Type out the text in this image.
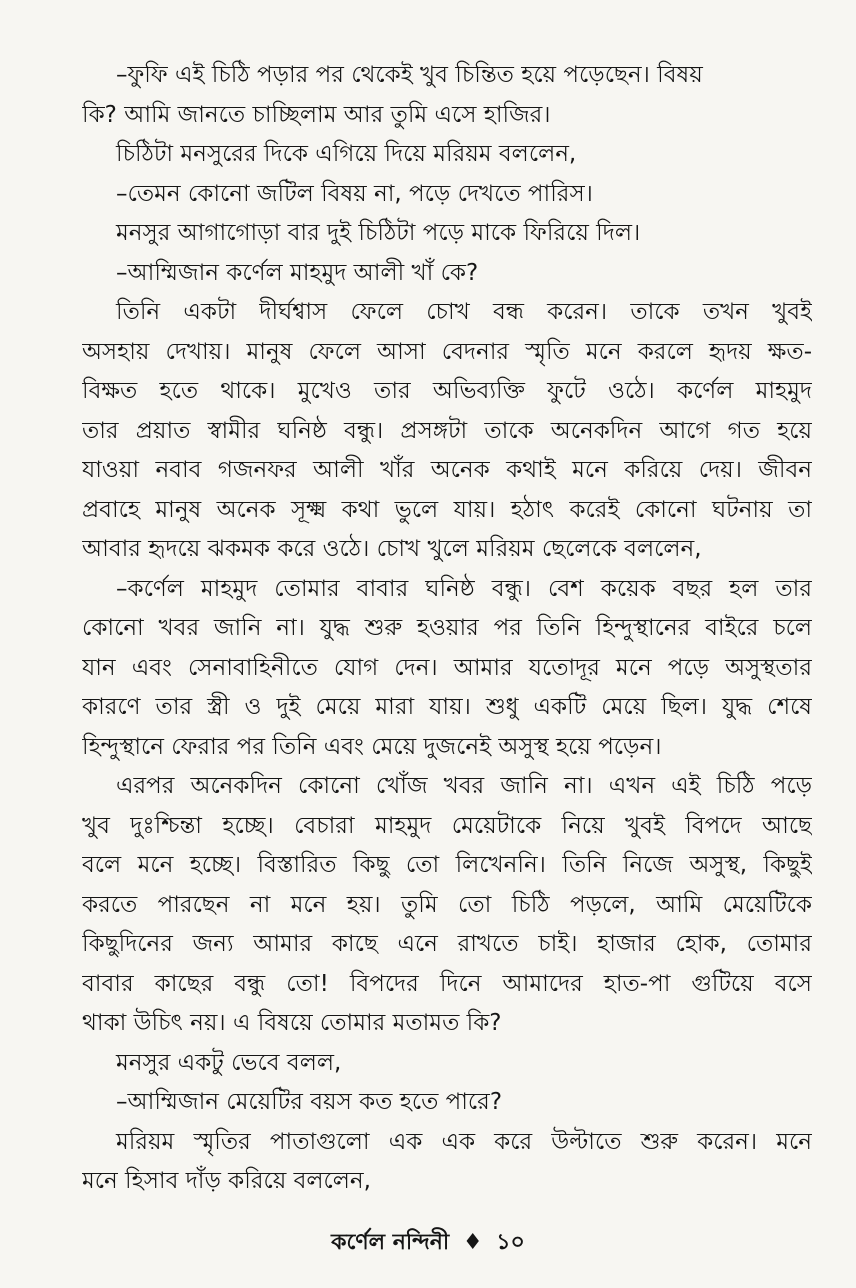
–ফুফি এই চিঠি পড়ার পর থেকেই খুব চিন্তিত হয়ে পড়েছেন। বিষয়
কি? আমি জানতে চাচ্ছিলাম আর তুমি এসে হাজির।
চিঠিটা মনসুরের দিকে এগিয়ে দিয়ে মরিয়ম বললেন,
–তেমন কোনো জটিল বিষয় না, পড়ে দেখতে পারিস।
মনসুর আগাগোড়া বার দুই চিঠিটা পড়ে মাকে ফিরিয়ে দিল।
–আম্মিজান কর্ণেল মাহমুদ আলী খাঁ কে?
তিনি একটা দীর্ঘশ্বাস ফেলে চোখ বন্ধ করেন। তাকে তখন খুবই
অসহায় দেখায়। মানুষ ফেলে আসা বেদনার স্মৃতি মনে করলে হৃদয় ক্ষত-
বিক্ষত হতে থাকে। মুখেও তার অভিব্যক্তি ফুটে ওঠে। কর্ণেল মাহমুদ
তার প্রয়াত স্বামীর ঘনিষ্ঠ বন্ধু। প্রসঙ্গটা তাকে অনেকদিন আগে গত হয়ে
যাওয়া নবাব গজনফর আলী খাঁর অনেক কথাই মনে করিয়ে দেয়। জীবন
প্রবাহে মানুষ অনেক সূক্ষ্ম কথা ভুলে যায়। হঠাৎ করেই কোনো ঘটনায় তা
আবার হৃদয়ে ঝকমক করে ওঠে। চোখ খুলে মরিয়ম ছেলেকে বললেন,
–কর্ণেল মাহমুদ তোমার বাবার ঘনিষ্ঠ বন্ধু। বেশ কয়েক বছর হল তার
কোনো খবর জানি না। যুদ্ধ শুরু হওয়ার পর তিনি হিন্দুস্থানের বাইরে চলে
যান এবং সেনাবাহিনীতে যোগ দেন। আমার যতোদূর মনে পড়ে অসুস্থতার
কারণে তার স্ত্রী ও দুই মেয়ে মারা যায়। শুধু একটি মেয়ে ছিল। যুদ্ধ শেষে
হিন্দুস্থানে ফেরার পর তিনি এবং মেয়ে দুজনেই অসুস্থ হয়ে পড়েন।
এরপর অনেকদিন কোনো খোঁজ খবর জানি না। এখন এই চিঠি পড়ে
খুব দুঃশ্চিন্তা হচ্ছে। বেচারা মাহমুদ মেয়েটাকে নিয়ে খুবই বিপদে আছে
বলে মনে হচ্ছে। বিস্তারিত কিছু তো লিখেননি। তিনি নিজে অসুস্থ, কিছুই
করতে পারছেন না মনে হয়। তুমি তো চিঠি পড়লে, আমি মেয়েটিকে
কিছুদিনের জন্য আমার কাছে এনে রাখতে চাই। হাজার হোক, তোমার
বাবার কাছের বন্ধু তো! বিপদের দিনে আমাদের হাত-পা গুটিয়ে বসে
থাকা উচিৎ নয়। এ বিষয়ে তোমার মতামত কি?
মনসুর একটু ভেবে বলল,
–আম্মিজান মেয়েটির বয়স কত হতে পারে?
মরিয়ম স্মৃতির পাতাগুলো এক এক করে উল্টাতে শুরু করেন। মনে
মনে হিসাব দাঁড় করিয়ে বললেন,
কর্ণেল নন্দিনী ♦ ১০
